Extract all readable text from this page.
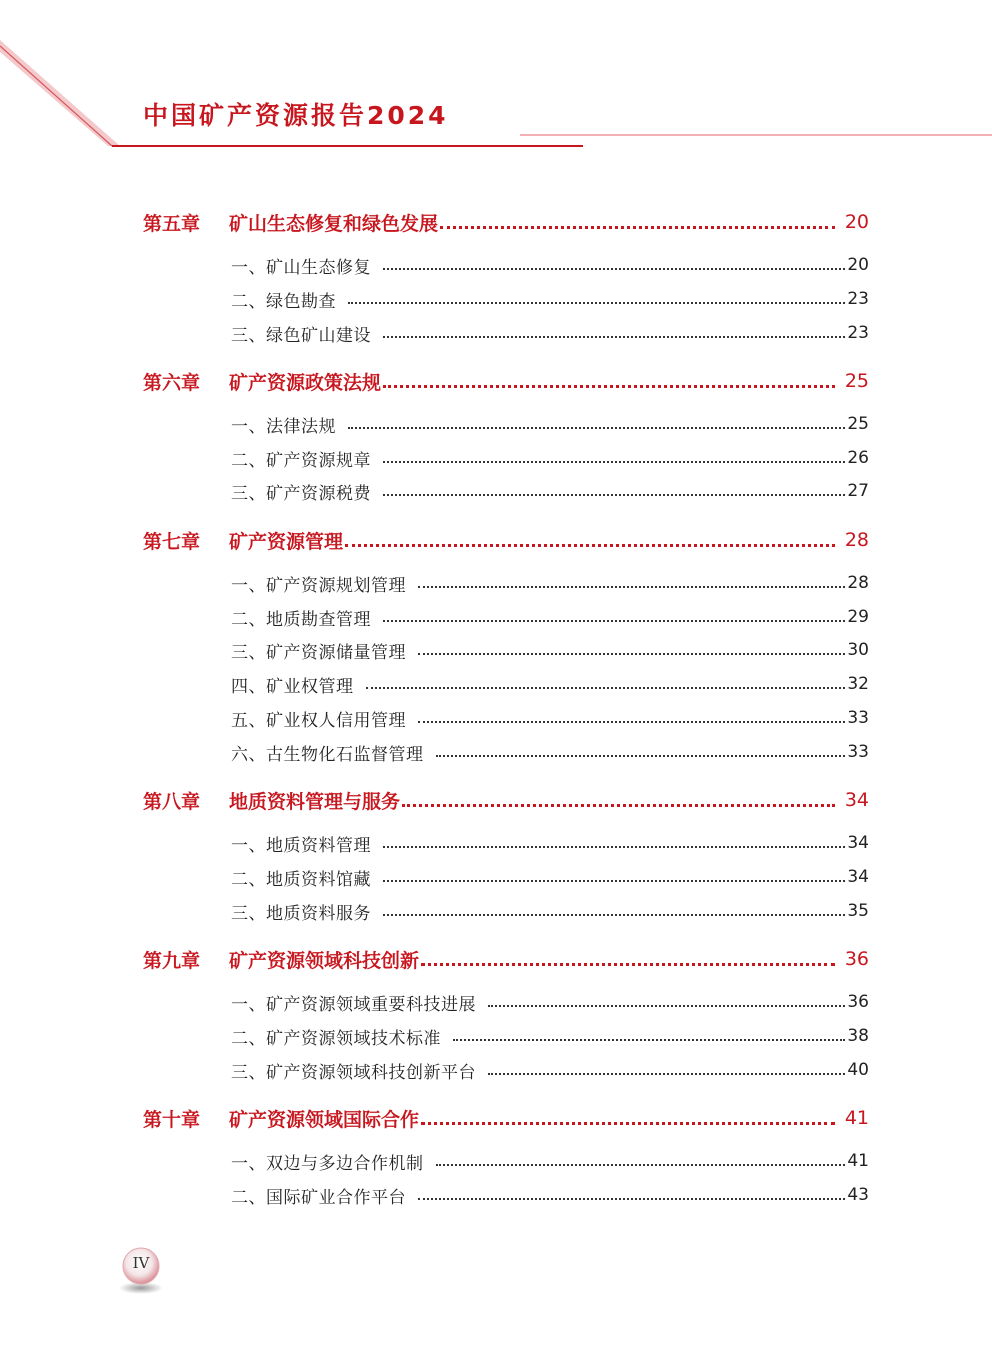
中国矿产资源报告2024
第五章	矿山生态修复和绿色发展	20
一、矿山生态修复	20
二、绿色勘查	23
三、绿色矿山建设	23
第六章	矿产资源政策法规	25
一、法律法规	25
二、矿产资源规章	26
三、矿产资源税费	27
第七章	矿产资源管理	28
一、矿产资源规划管理	28
二、地质勘查管理	29
三、矿产资源储量管理	30
四、矿业权管理	32
五、矿业权人信用管理	33
六、古生物化石监督管理	33
第八章	地质资料管理与服务	34
一、地质资料管理	34
二、地质资料馆藏	34
三、地质资料服务	35
第九章	矿产资源领域科技创新	36
一、矿产资源领域重要科技进展	36
二、矿产资源领域技术标准	38
三、矿产资源领域科技创新平台	40
第十章	矿产资源领域国际合作	41
一、双边与多边合作机制	41
二、国际矿业合作平台	43
IV
